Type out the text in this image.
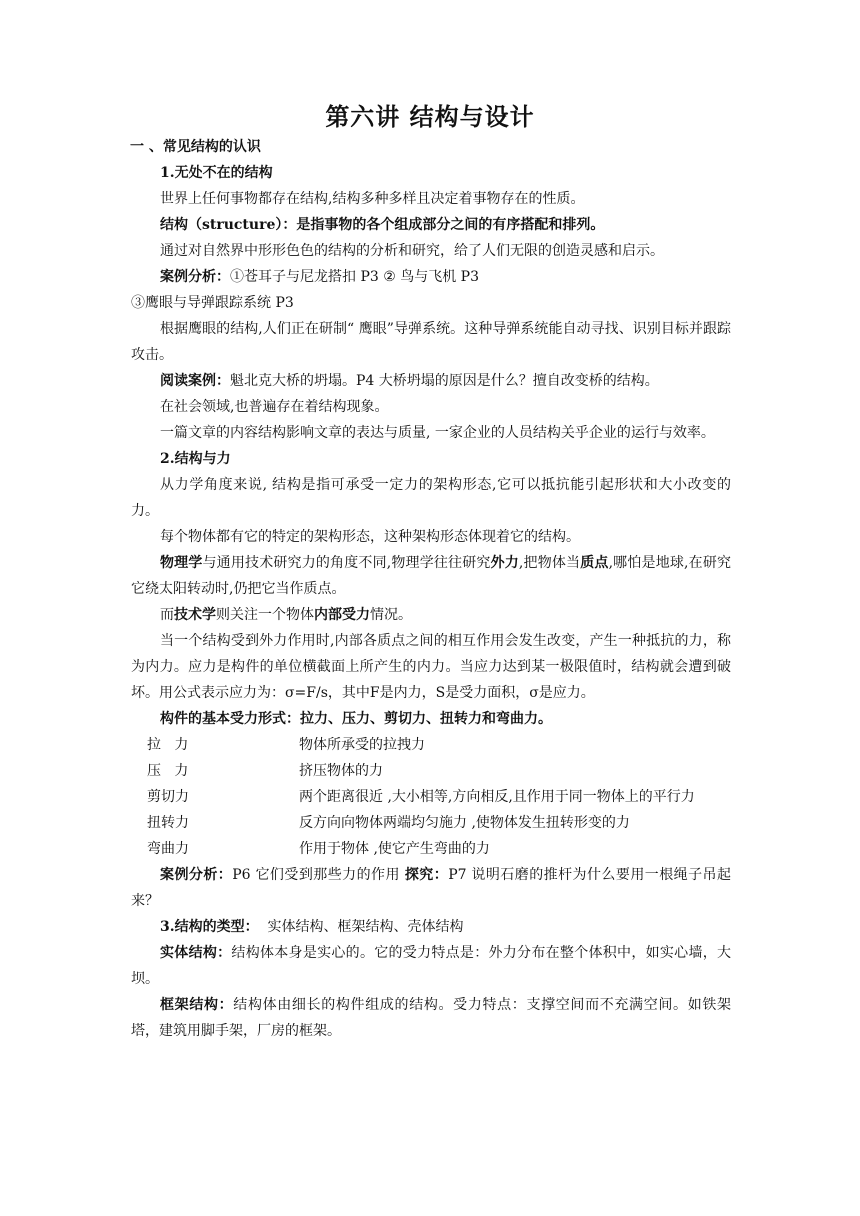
第六讲 结构与设计

一 、常见结构的认识

1.无处不在的结构

世界上任何事物都存在结构,结构多种多样且决定着事物存在的性质。

结构（structure）：是指事物的各个组成部分之间的有序搭配和排列。

通过对自然界中形形色色的结构的分析和研究，给了人们无限的创造灵感和启示。

案例分析：①苍耳子与尼龙搭扣 P3 ② 鸟与飞机 P3

③鹰眼与导弹跟踪系统 P3

根据鹰眼的结构,人们正在研制“ 鹰眼”导弹系统。这种导弹系统能自动寻找、识别目标并跟踪攻击。

阅读案例：魁北克大桥的坍塌。P4 大桥坍塌的原因是什么？擅自改变桥的结构。

在社会领域,也普遍存在着结构现象。

一篇文章的内容结构影响文章的表达与质量, 一家企业的人员结构关乎企业的运行与效率。

2.结构与力

从力学角度来说, 结构是指可承受一定力的架构形态,它可以抵抗能引起形状和大小改变的力。

每个物体都有它的特定的架构形态，这种架构形态体现着它的结构。

物理学与通用技术研究力的角度不同,物理学往往研究外力,把物体当质点,哪怕是地球,在研究它绕太阳转动时,仍把它当作质点。

而技术学则关注一个物体内部受力情况。

当一个结构受到外力作用时,内部各质点之间的相互作用会发生改变，产生一种抵抗的力，称为内力。应力是构件的单位横截面上所产生的内力。当应力达到某一极限值时，结构就会遭到破坏。用公式表示应力为：σ=F/s，其中F是内力，S是受力面积，σ是应力。

构件的基本受力形式：拉力、压力、剪切力、扭转力和弯曲力。

拉   力	物体所承受的拉拽力
压   力	挤压物体的力
剪切力	两个距离很近 ,大小相等,方向相反,且作用于同一物体上的平行力
扭转力	反方向向物体两端均匀施力 ,使物体发生扭转形变的力
弯曲力	作用于物体 ,使它产生弯曲的力

案例分析：P6 它们受到那些力的作用 探究：P7 说明石磨的推杆为什么要用一根绳子吊起来？

3.结构的类型：  实体结构、框架结构、壳体结构

实体结构：结构体本身是实心的。它的受力特点是：外力分布在整个体积中，如实心墙，大坝。

框架结构：结构体由细长的构件组成的结构。受力特点：支撑空间而不充满空间。如铁架塔，建筑用脚手架，厂房的框架。
